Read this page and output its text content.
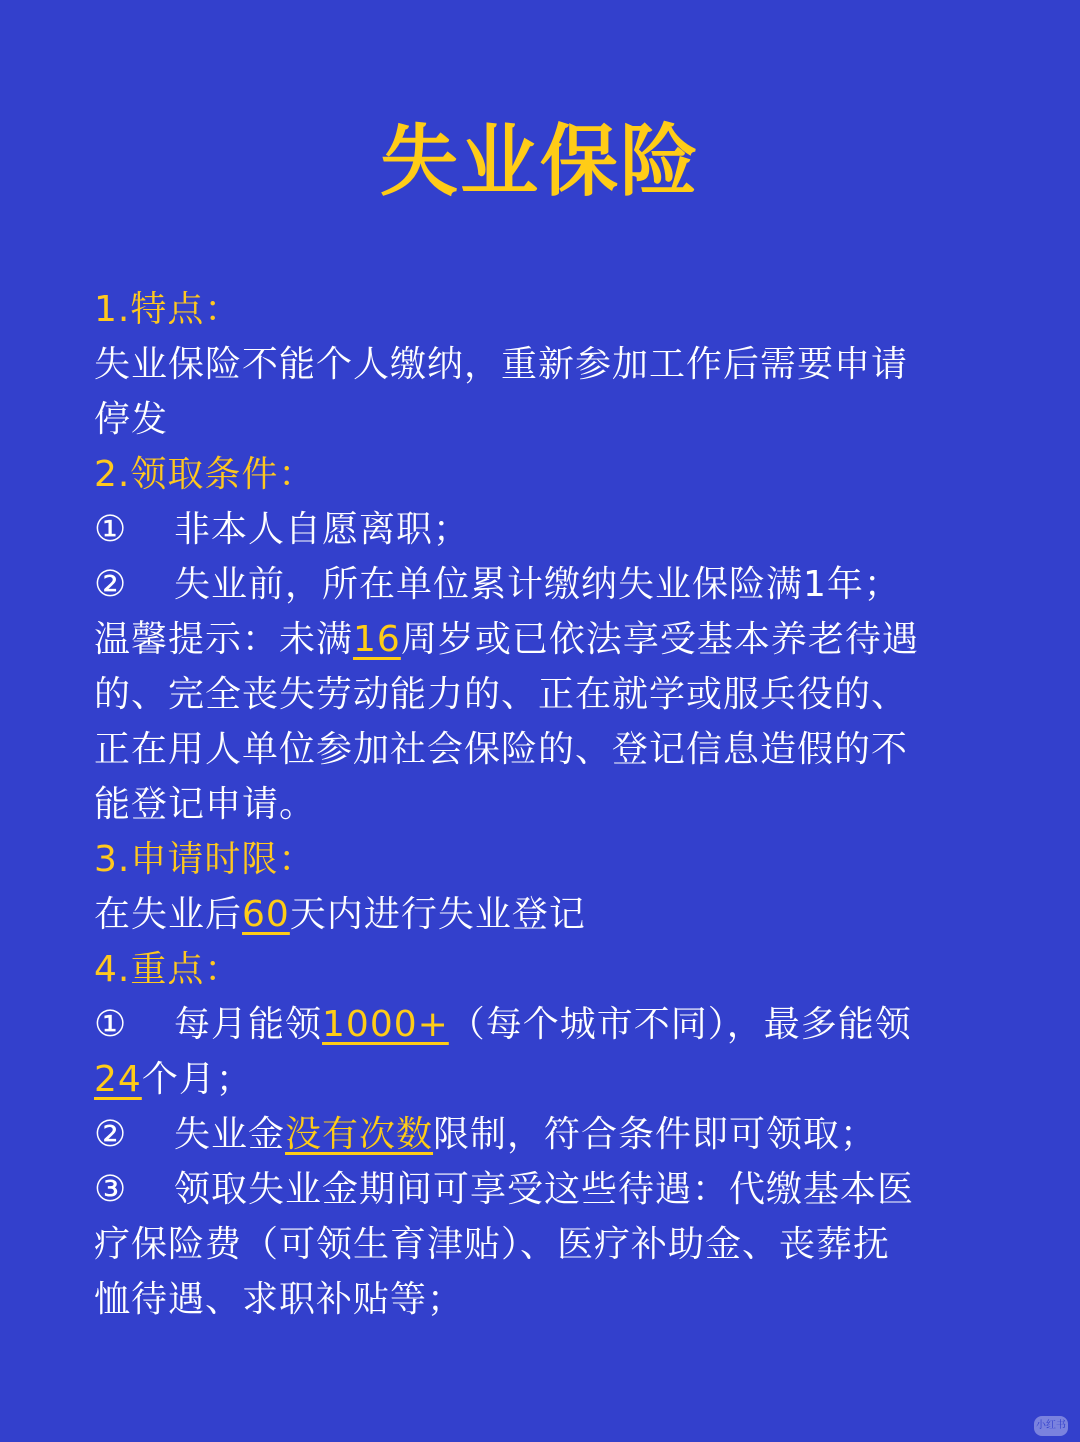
失业保险
1.特点：
失业保险不能个人缴纳，重新参加工作后需要申请
停发
2.领取条件：
① 非本人自愿离职；
② 失业前，所在单位累计缴纳失业保险满1年；
温馨提示：未满16周岁或已依法享受基本养老待遇
的、完全丧失劳动能力的、正在就学或服兵役的、
正在用人单位参加社会保险的、登记信息造假的不
能登记申请。
3.申请时限：
在失业后60天内进行失业登记
4.重点：
① 每月能领1000+（每个城市不同），最多能领
24个月；
② 失业金没有次数限制，符合条件即可领取；
③ 领取失业金期间可享受这些待遇：代缴基本医
疗保险费（可领生育津贴）、医疗补助金、丧葬抚
恤待遇、求职补贴等；
小红书
